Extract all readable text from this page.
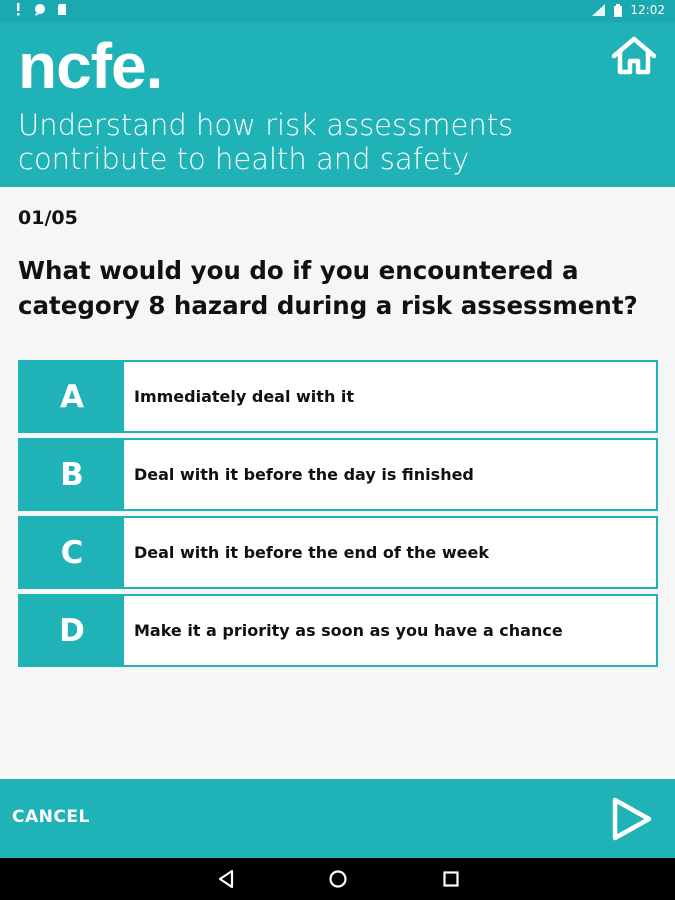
12:02
ncfe.
Understand how risk assessments contribute to health and safety
01/05
What would you do if you encountered a category 8 hazard during a risk assessment?
A	Immediately deal with it
B	Deal with it before the day is finished
C	Deal with it before the end of the week
D	Make it a priority as soon as you have a chance
CANCEL
